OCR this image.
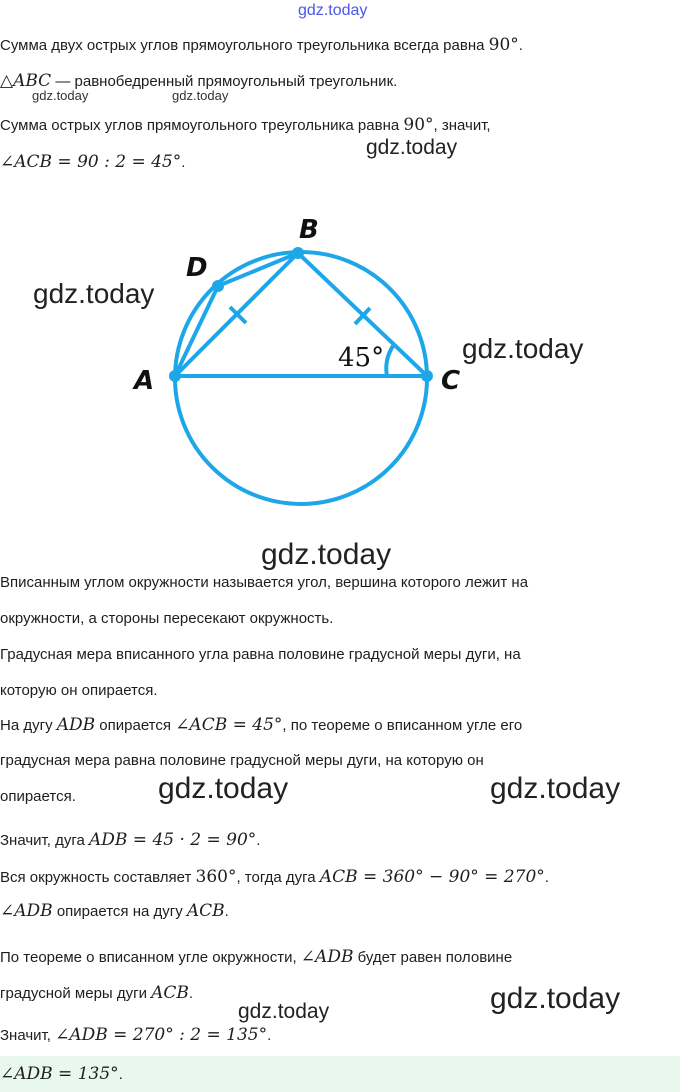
gdz.today
gdz.today	gdz.today
gdz.today
gdz.today
gdz.today
gdz.today
gdz.today	gdz.today
gdz.today
gdz.today
Сумма двух острых углов прямоугольного треугольника всегда равна 90°.
△ABC — равнобедренный прямоугольный треугольник.
Сумма острых углов прямоугольного треугольника равна 90°, значит,
∠ACB = 90 : 2 = 45°.
A
B
C
D
45°
Вписанным углом окружности называется угол, вершина которого лежит на
окружности, а стороны пересекают окружность.
Градусная мера вписанного угла равна половине градусной меры дуги, на
которую он опирается.
На дугу ADB опирается ∠ACB = 45°, по теореме о вписанном угле его
градусная мера равна половине градусной меры дуги, на которую он
опирается.
Значит, дуга ADB = 45 · 2 = 90°.
Вся окружность составляет 360°, тогда дуга ACB = 360° − 90° = 270°.
∠ADB опирается на дугу ACB.
По теореме о вписанном угле окружности, ∠ADB будет равен половине
градусной меры дуги ACB.
Значит, ∠ADB = 270° : 2 = 135°.
∠ADB = 135°.
